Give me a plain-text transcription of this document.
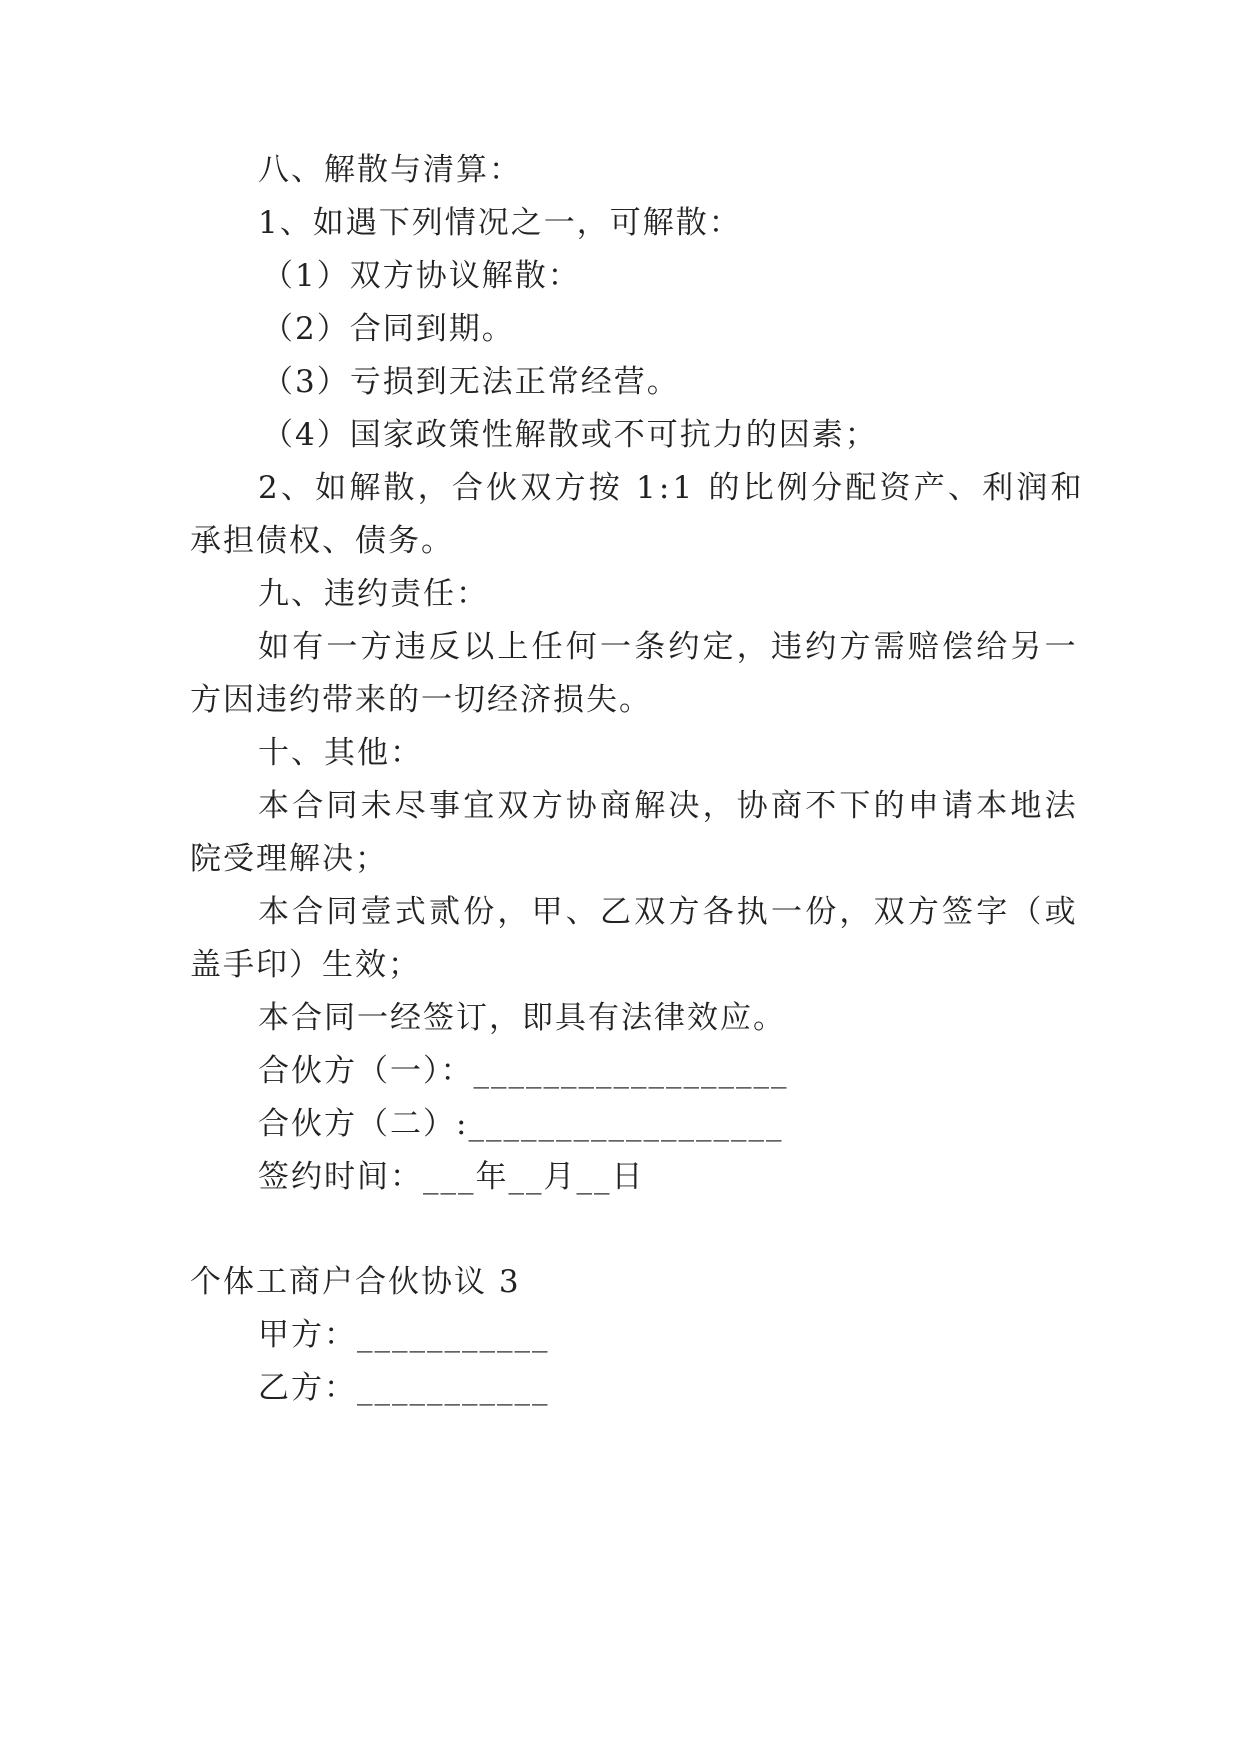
八、解散与清算：
1、如遇下列情况之一，可解散：
（1）双方协议解散：
（2）合同到期。
（3）亏损到无法正常经营。
（4）国家政策性解散或不可抗力的因素；
2、如解散，合伙双方按 1:1 的比例分配资产、利润和
承担债权、债务。
九、违约责任：
如有一方违反以上任何一条约定，违约方需赔偿给另一
方因违约带来的一切经济损失。
十、其他：
本合同未尽事宜双方协商解决，协商不下的申请本地法
院受理解决；
本合同壹式贰份，甲、乙双方各执一份，双方签字（或
盖手印）生效；
本合同一经签订，即具有法律效应。
合伙方（一）：__________________
合伙方（二）:__________________
签约时间：___年__月__日
个体工商户合伙协议 3
甲方：___________
乙方：___________
